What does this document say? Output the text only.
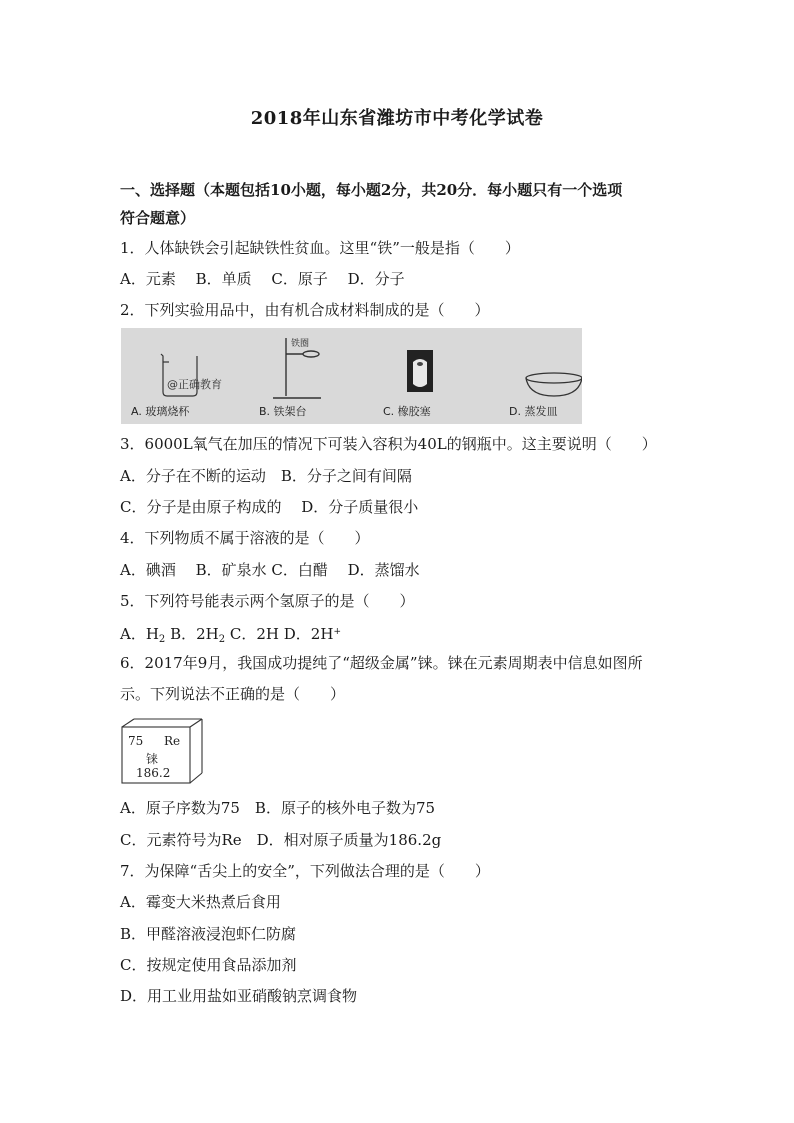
2018年山东省潍坊市中考化学试卷
一、选择题（本题包括10小题，每小题2分，共20分．每小题只有一个选项
符合题意）
1．人体缺铁会引起缺铁性贫血。这里“铁”一般是指（　　）
A．元素　 B．单质　 C．原子　 D．分子
2．下列实验用品中，由有机合成材料制成的是（　　）
@正确教育
铁圈
A. 玻璃烧杯	B. 铁架台	C. 橡胶塞	D. 蒸发皿
3．6000L氧气在加压的情况下可装入容积为40L的钢瓶中。这主要说明（　　）
A．分子在不断的运动　B．分子之间有间隔
C．分子是由原子构成的　 D．分子质量很小
4．下列物质不属于溶液的是（　　）
A．碘酒　 B．矿泉水 C．白醋　 D．蒸馏水
5．下列符号能表示两个氢原子的是（　　）
A．$H_2$ B．$2H_2$ C．2H D．2H+
6．2017年9月，我国成功提纯了“超级金属”铼。铼在元素周期表中信息如图所
示。下列说法不正确的是（　　）
75 Re
铼
186.2
A．原子序数为75　B．原子的核外电子数为75
C．元素符号为Re　D．相对原子质量为186.2g
7．为保障“舌尖上的安全”，下列做法合理的是（　　）
A．霉变大米热煮后食用
B．甲醛溶液浸泡虾仁防腐
C．按规定使用食品添加剂
D．用工业用盐如亚硝酸钠烹调食物
